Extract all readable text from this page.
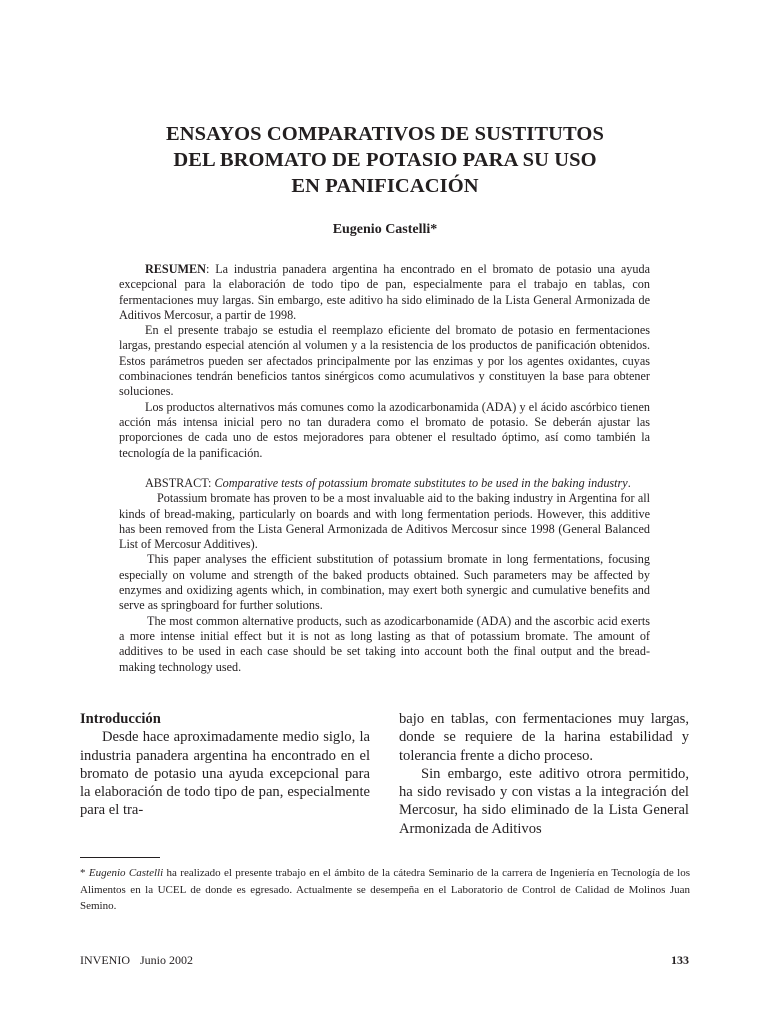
ENSAYOS COMPARATIVOS DE SUSTITUTOS
DEL BROMATO DE POTASIO PARA SU USO
EN PANIFICACIÓN
Eugenio Castelli*

RESUMEN: La industria panadera argentina ha encontrado en el bromato de potasio una ayuda excepcional para la elaboración de todo tipo de pan, especialmente para el trabajo en tablas, con fermentaciones muy largas. Sin embargo, este aditivo ha sido eliminado de la Lista General Armonizada de Aditivos Mercosur, a partir de 1998.

En el presente trabajo se estudia el reemplazo eficiente del bromato de potasio en fermentaciones largas, prestando especial atención al volumen y a la resistencia de los productos de panificación obtenidos. Estos parámetros pueden ser afectados principalmente por las enzimas y por los agentes oxidantes, cuyas combinaciones tendrán beneficios tantos sinérgicos como acumulativos y constituyen la base para obtener soluciones.

Los productos alternativos más comunes como la azodicarbonamida (ADA) y el ácido ascórbico tienen acción más intensa inicial pero no tan duradera como el bromato de potasio. Se deberán ajustar las proporciones de cada uno de estos mejoradores para obtener el resultado óptimo, así como también la tecnología de la panificación.

ABSTRACT: Comparative tests of potassium bromate substitutes to be used in the baking industry.

Potassium bromate has proven to be a most invaluable aid to the baking industry in Argentina for all kinds of bread-making, particularly on boards and with long fermentation periods. However, this additive has been removed from the Lista General Armonizada de Aditivos Mercosur since 1998 (General Balanced List of Mercosur Additives).

This paper analyses the efficient substitution of potassium bromate in long fermentations, focusing especially on volume and strength of the baked products obtained. Such parameters may be affected by enzymes and oxidizing agents which, in combination, may exert both synergic and cumulative benefits and serve as springboard for further solutions.

The most common alternative products, such as azodicarbonamide (ADA) and the ascorbic acid exerts a more intense initial effect but it is not as long lasting as that of potassium bromate. The amount of additives to be used in each case should be set taking into account both the final output and the bread-making technology used.

Introducción

Desde hace aproximadamente medio siglo, la industria panadera argentina ha encontrado en el bromato de potasio una ayuda excepcional para la elaboración de todo tipo de pan, especialmente para el tra-

bajo en tablas, con fermentaciones muy largas, donde se requiere de la harina estabilidad y tolerancia frente a dicho proceso.

Sin embargo, este aditivo otrora permitido, ha sido revisado y con vistas a la integración del Mercosur, ha sido eliminado de la Lista General Armonizada de Aditivos

* Eugenio Castelli ha realizado el presente trabajo en el ámbito de la cátedra Seminario de la carrera de Ingeniería en Tecnología de los Alimentos en la UCEL de donde es egresado. Actualmente se desempeña en el Laboratorio de Control de Calidad de Molinos Juan Semino.

INVENIO Junio 2002	133
